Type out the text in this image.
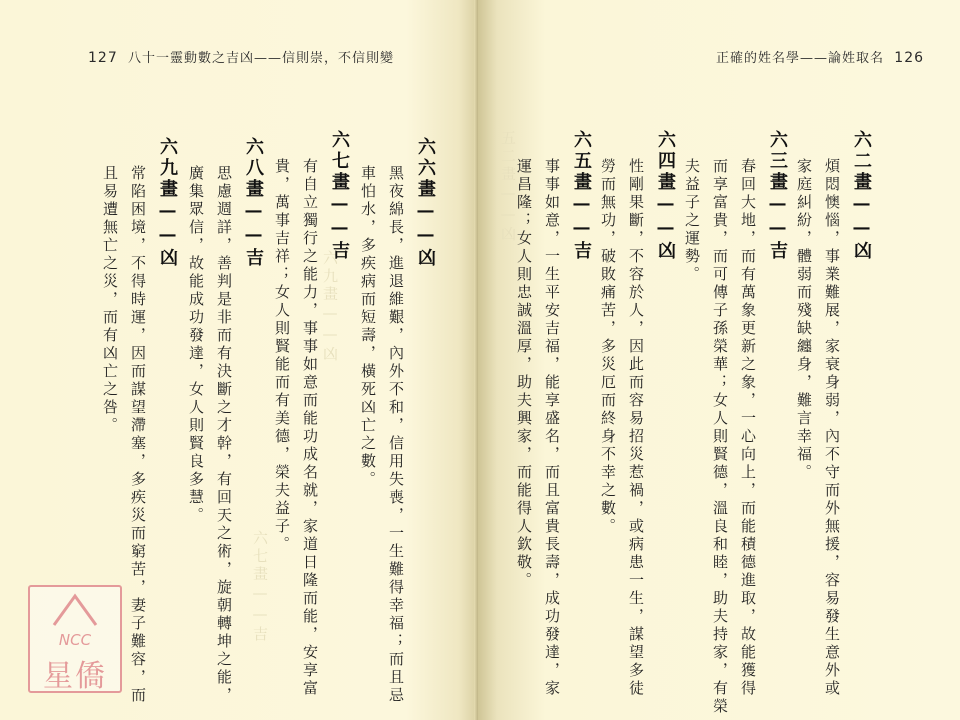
127 八十一靈動數之吉凶——信則崇，不信則變
六九畫——凶
六七畫——吉
六六畫——凶
黑夜綿長，進退維艱，內外不和，信用失喪，一生難得幸福；而且忌
車怕水，多疾病而短壽，橫死凶亡之數。
六七畫——吉
有自立獨行之能力，事事如意而能功成名就，家道日隆而能，安享富
貴，萬事吉祥；女人則賢能而有美德，榮夫益子。
六八畫——吉
思慮週詳，善判是非而有決斷之才幹，有回天之術，旋朝轉坤之能，
廣集眾信，故能成功發達，女人則賢良多慧。
六九畫——凶
常陷困境，不得時運，因而謀望滯塞，多疾災而窮苦，妻子難容，而
且易遭無亡之災，而有凶亡之咎。
NCC
星僑
正確的姓名學——論姓取名 126
五二畫——凶	六二畫——凶
煩悶懊惱，事業難展，家衰身弱，內不守而外無援，容易發生意外或
家庭糾紛，體弱而殘缺纏身，難言幸福。
六三畫——吉
春回大地，而有萬象更新之象，一心向上，而能積德進取，故能獲得
而享富貴，而可傳子孫榮華；女人則賢德，溫良和睦，助夫持家，有榮
夫益子之運勢。
六四畫——凶
性剛果斷，不容於人，因此而容易招災惹禍，或病患一生，謀望多徒
勞而無功，破敗痛苦，多災厄而終身不幸之數。
六五畫——吉
事事如意，一生平安吉福，能享盛名，而且富貴長壽，成功發達，家
運昌隆；女人則忠誠溫厚，助夫興家，而能得人欽敬。
